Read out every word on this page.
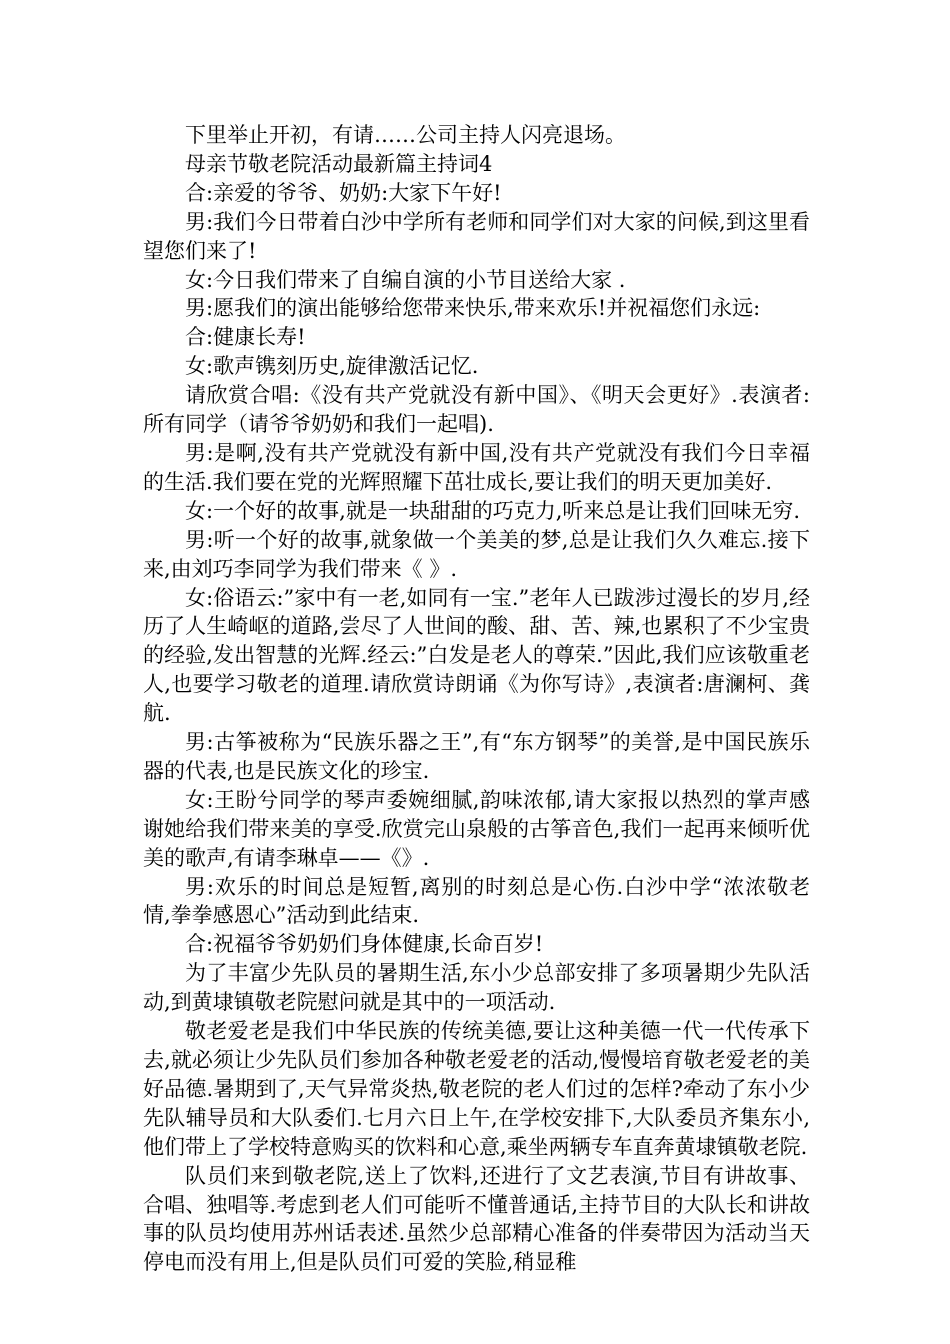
下里举止开初，有请……公司主持人闪亮退场。

母亲节敬老院活动最新篇主持词4

合:亲爱的爷爷、奶奶:大家下午好!

男:我们今日带着白沙中学所有老师和同学们对大家的问候,到这里看望您们来了!

女:今日我们带来了自编自演的小节目送给大家 .

男:愿我们的演出能够给您带来快乐,带来欢乐!并祝福您们永远:

合:健康长寿!

女:歌声镌刻历史,旋律激活记忆.

请欣赏合唱:《没有共产党就没有新中国》、《明天会更好》.表演者:所有同学（请爷爷奶奶和我们一起唱).

男:是啊,没有共产党就没有新中国,没有共产党就没有我们今日幸福的生活.我们要在党的光辉照耀下茁壮成长,要让我们的明天更加美好.

女:一个好的故事,就是一块甜甜的巧克力,听来总是让我们回味无穷.

男:听一个好的故事,就象做一个美美的梦,总是让我们久久难忘.接下来,由刘巧李同学为我们带来《 》.

女:俗语云:”家中有一老,如同有一宝.”老年人已跋涉过漫长的岁月,经历了人生崎岖的道路,尝尽了人世间的酸、甜、苦、辣,也累积了不少宝贵的经验,发出智慧的光辉.经云:”白发是老人的尊荣.”因此,我们应该敬重老人,也要学习敬老的道理.请欣赏诗朗诵《为你写诗》,表演者:唐澜柯、龚航.

男:古筝被称为“民族乐器之王”,有“东方钢琴”的美誉,是中国民族乐器的代表,也是民族文化的珍宝.

女:王盼兮同学的琴声委婉细腻,韵味浓郁,请大家报以热烈的掌声感谢她给我们带来美的享受.欣赏完山泉般的古筝音色,我们一起再来倾听优美的歌声,有请李琳卓——《》.

男:欢乐的时间总是短暂,离别的时刻总是心伤.白沙中学“浓浓敬老情,拳拳感恩心”活动到此结束.

合:祝福爷爷奶奶们身体健康,长命百岁!

为了丰富少先队员的暑期生活,东小少总部安排了多项暑期少先队活动,到黄埭镇敬老院慰问就是其中的一项活动.

敬老爱老是我们中华民族的传统美德,要让这种美德一代一代传承下去,就必须让少先队员们参加各种敬老爱老的活动,慢慢培育敬老爱老的美好品德.暑期到了,天气异常炎热,敬老院的老人们过的怎样?牵动了东小少先队辅导员和大队委们.七月六日上午,在学校安排下,大队委员齐集东小,他们带上了学校特意购买的饮料和心意,乘坐两辆专车直奔黄埭镇敬老院.

队员们来到敬老院,送上了饮料,还进行了文艺表演,节目有讲故事、合唱、独唱等.考虑到老人们可能听不懂普通话,主持节目的大队长和讲故事的队员均使用苏州话表述.虽然少总部精心准备的伴奏带因为活动当天停电而没有用上,但是队员们可爱的笑脸,稍显稚
